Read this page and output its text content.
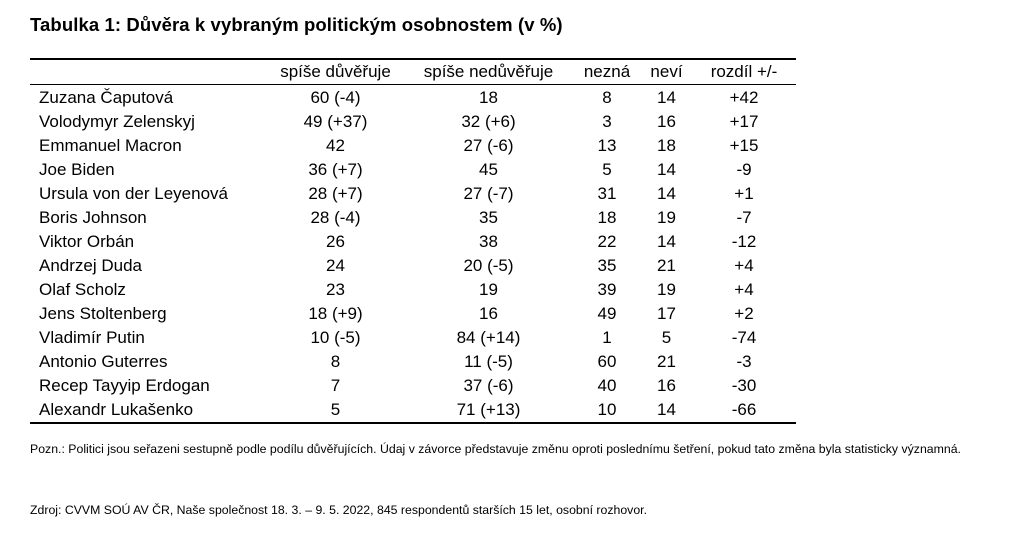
Tabulka 1: Důvěra k vybraným politickým osobnostem (v %)
	spíše důvěřuje	spíše nedůvěřuje	nezná	neví	rozdíl +/-
Zuzana Čaputová	60 (-4)	18	8	14	+42
Volodymyr Zelenskyj	49 (+37)	32 (+6)	3	16	+17
Emmanuel Macron	42	27 (-6)	13	18	+15
Joe Biden	36 (+7)	45	5	14	-9
Ursula von der Leyenová	28 (+7)	27 (-7)	31	14	+1
Boris Johnson	28 (-4)	35	18	19	-7
Viktor Orbán	26	38	22	14	-12
Andrzej Duda	24	20 (-5)	35	21	+4
Olaf Scholz	23	19	39	19	+4
Jens Stoltenberg	18 (+9)	16	49	17	+2
Vladimír Putin	10 (-5)	84 (+14)	1	5	-74
Antonio Guterres	8	11 (-5)	60	21	-3
Recep Tayyip Erdogan	7	37 (-6)	40	16	-30
Alexandr Lukašenko	5	71 (+13)	10	14	-66
Pozn.: Politici jsou seřazeni sestupně podle podílu důvěřujících. Údaj v závorce představuje změnu oproti poslednímu šetření, pokud tato změna byla statisticky významná.
Zdroj: CVVM SOÚ AV ČR, Naše společnost 18. 3. – 9. 5. 2022, 845 respondentů starších 15 let, osobní rozhovor.
